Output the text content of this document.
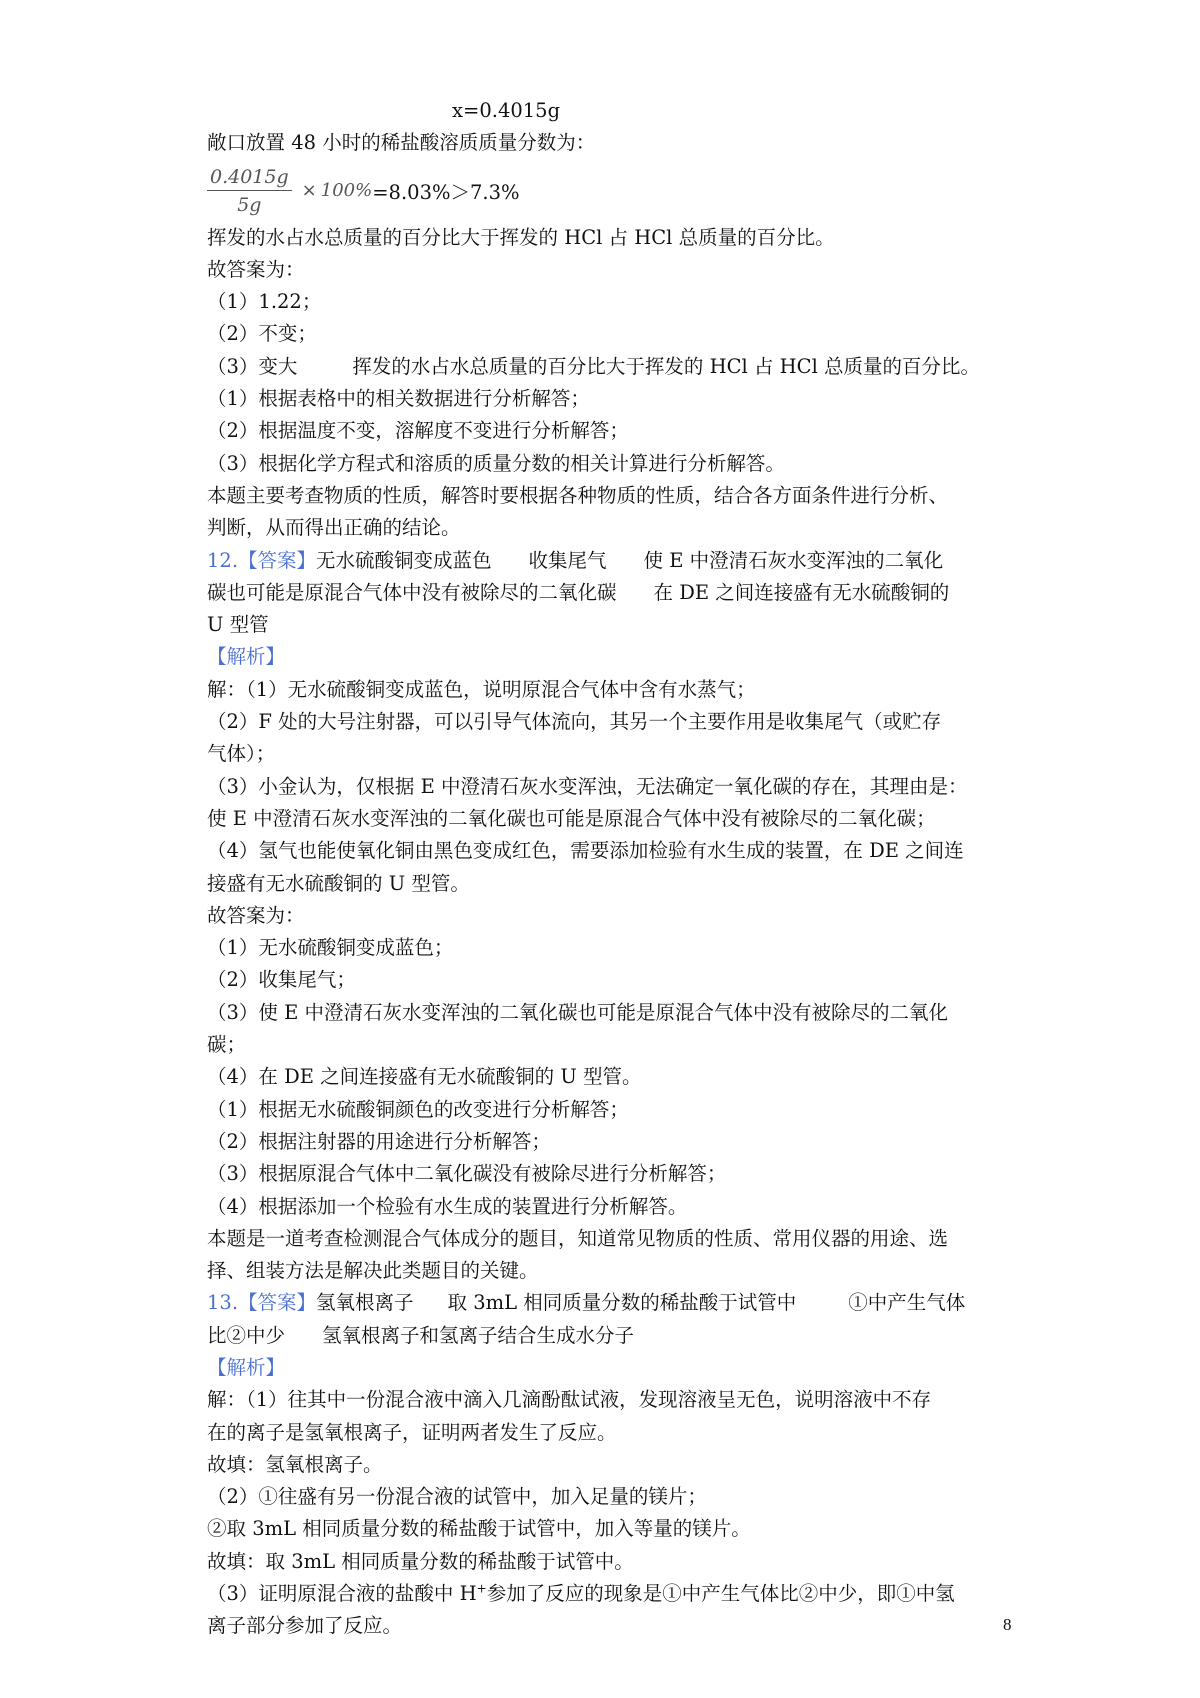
x=0.4015g
敞口放置 48 小时的稀盐酸溶质质量分数为：
$\frac{0.4015g}{5g} \times 100\% =8.03\%>7.3\%$
挥发的水占水总质量的百分比大于挥发的 HCl 占 HCl 总质量的百分比。
故答案为：
（1）1.22；
（2）不变；
（3）变大	挥发的水占水总质量的百分比大于挥发的 HCl 占 HCl 总质量的百分比。
（1）根据表格中的相关数据进行分析解答；
（2）根据温度不变，溶解度不变进行分析解答；
（3）根据化学方程式和溶质的质量分数的相关计算进行分析解答。
本题主要考查物质的性质，解答时要根据各种物质的性质，结合各方面条件进行分析、
判断，从而得出正确的结论。
12.【答案】无水硫酸铜变成蓝色 收集尾气 使 E 中澄清石灰水变浑浊的二氧化
碳也可能是原混合气体中没有被除尽的二氧化碳 在 DE 之间连接盛有无水硫酸铜的
U 型管
【解析】
解：（1）无水硫酸铜变成蓝色，说明原混合气体中含有水蒸气；
（2）F 处的大号注射器，可以引导气体流向，其另一个主要作用是收集尾气（或贮存
气体）；
（3）小金认为，仅根据 E 中澄清石灰水变浑浊，无法确定一氧化碳的存在，其理由是：
使 E 中澄清石灰水变浑浊的二氧化碳也可能是原混合气体中没有被除尽的二氧化碳；
（4）氢气也能使氧化铜由黑色变成红色，需要添加检验有水生成的装置，在 DE 之间连
接盛有无水硫酸铜的 U 型管。
故答案为：
（1）无水硫酸铜变成蓝色；
（2）收集尾气；
（3）使 E 中澄清石灰水变浑浊的二氧化碳也可能是原混合气体中没有被除尽的二氧化
碳；
（4）在 DE 之间连接盛有无水硫酸铜的 U 型管。
（1）根据无水硫酸铜颜色的改变进行分析解答；
（2）根据注射器的用途进行分析解答；
（3）根据原混合气体中二氧化碳没有被除尽进行分析解答；
（4）根据添加一个检验有水生成的装置进行分析解答。
本题是一道考查检测混合气体成分的题目，知道常见物质的性质、常用仪器的用途、选
择、组装方法是解决此类题目的关键。
13.【答案】氢氧根离子 取 3mL 相同质量分数的稀盐酸于试管中	①中产生气体
比②中少 氢氧根离子和氢离子结合生成水分子
【解析】
解：（1）往其中一份混合液中滴入几滴酚酞试液，发现溶液呈无色，说明溶液中不存
在的离子是氢氧根离子，证明两者发生了反应。
故填：氢氧根离子。
（2）①往盛有另一份混合液的试管中，加入足量的镁片；
②取 3mL 相同质量分数的稀盐酸于试管中，加入等量的镁片。
故填：取 3mL 相同质量分数的稀盐酸于试管中。
（3）证明原混合液的盐酸中 H+参加了反应的现象是①中产生气体比②中少，即①中氢
离子部分参加了反应。	8
